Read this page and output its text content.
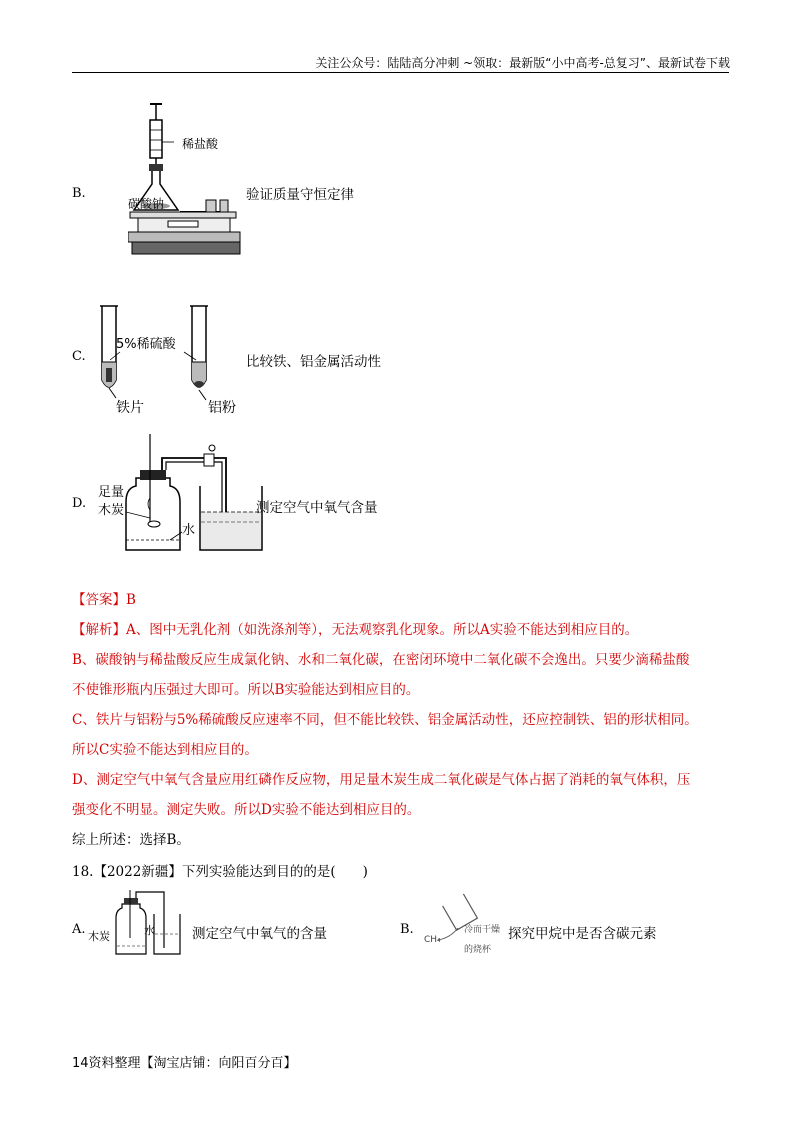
关注公众号：陆陆高分冲刺 ~领取：最新版“小中高考-总复习”、最新试卷下载
B.
稀盐酸
碳酸钠
验证质量守恒定律
C.
5%稀硫酸
铁片	铝粉
比较铁、铝金属活动性
D.
足量
木炭
水
测定空气中氧气含量
【答案】B
【解析】A、图中无乳化剂（如洗涤剂等），无法观察乳化现象。所以A实验不能达到相应目的。
B、碳酸钠与稀盐酸反应生成氯化钠、水和二氧化碳，在密闭环境中二氧化碳不会逸出。只要少滴稀盐酸
不使锥形瓶内压强过大即可。所以B实验能达到相应目的。
C、铁片与铝粉与5%稀硫酸反应速率不同，但不能比较铁、铝金属活动性，还应控制铁、铝的形状相同。
所以C实验不能达到相应目的。
D、测定空气中氧气含量应用红磷作反应物，用足量木炭生成二氧化碳是气体占据了消耗的氧气体积，压
强变化不明显。测定失败。所以D实验不能达到相应目的。
综上所述：选择B。
18.【2022新疆】下列实验能达到目的的是(　　)
A. 木炭	水	测定空气中氧气的含量	B.
CH₄
冷而干燥
的烧杯
探究甲烷中是否含碳元素
14资料整理【淘宝店铺：向阳百分百】
